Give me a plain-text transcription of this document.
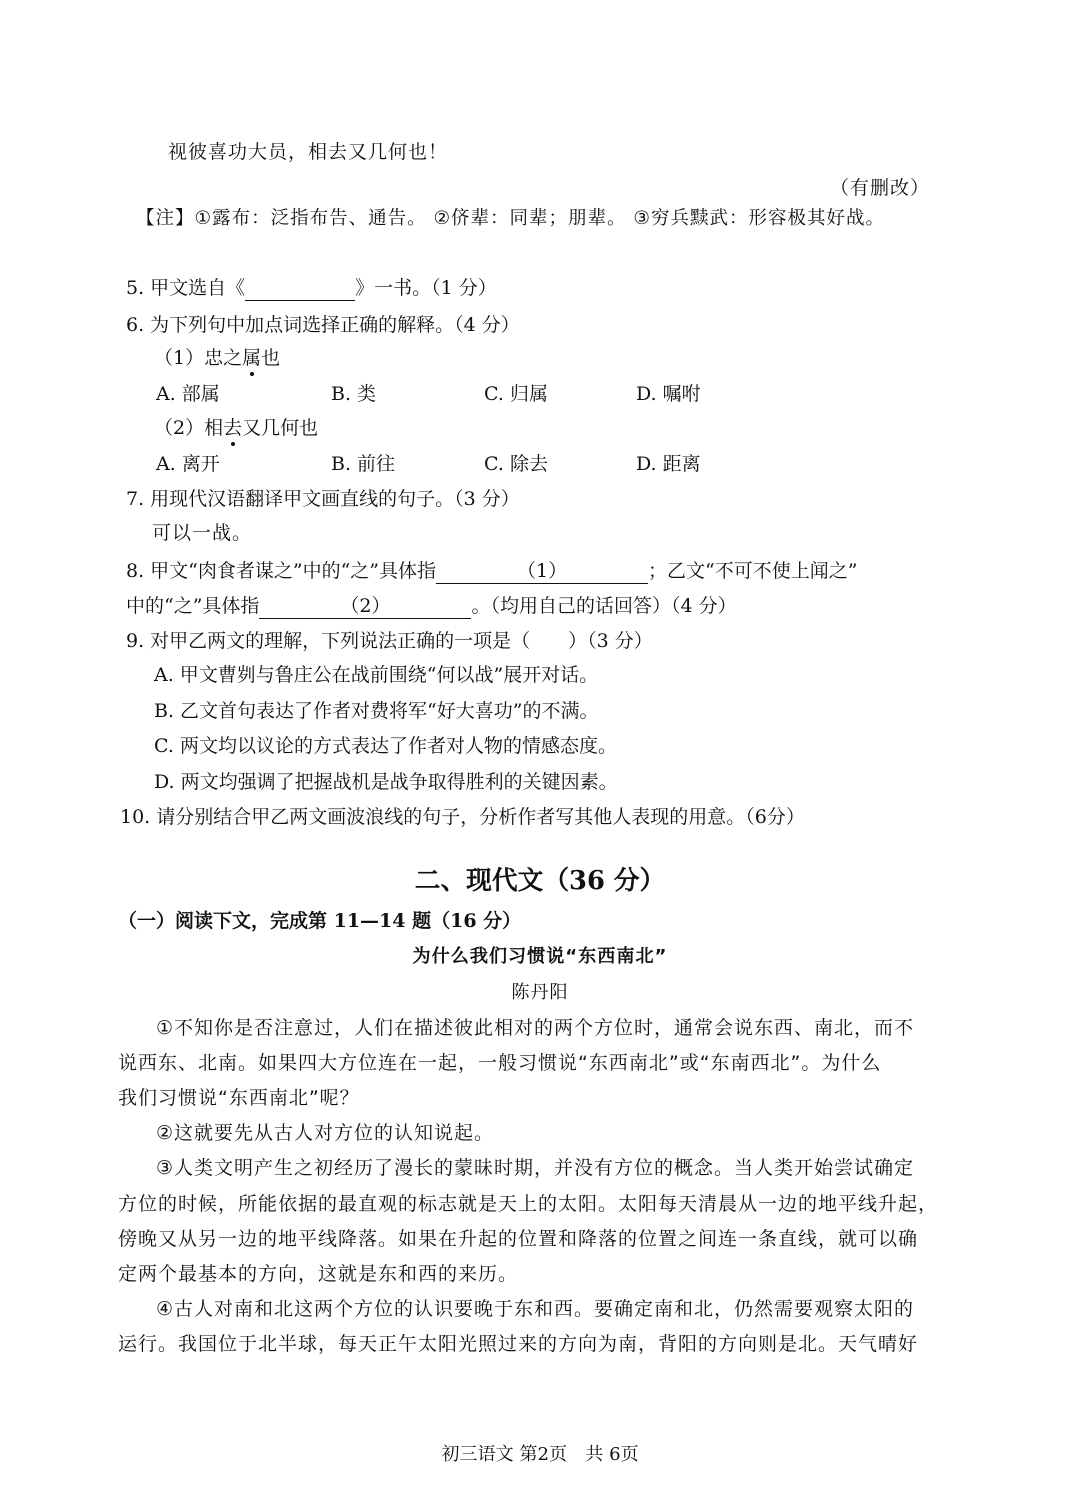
视彼喜功大员，相去又几何也！
（有删改）
【注】①露布：泛指布告、通告。 ②侪辈：同辈；朋辈。 ③穷兵黩武：形容极其好战。
5. 甲文选自《	》一书。（1 分）
6. 为下列句中加点词选择正确的解释。（4 分）
（1）忠之属也
A. 部属	B. 类	C. 归属	D. 嘱咐
（2）相去又几何也
A. 离开	B. 前往	C. 除去	D. 距离
7. 用现代汉语翻译甲文画直线的句子。（3 分）
可以一战。
8. 甲文“肉食者谋之”中的“之”具体指	（1）	；乙文“不可不使上闻之”
中的“之”具体指	（2）	。（均用自己的话回答）（4 分）
9. 对甲乙两文的理解，下列说法正确的一项是（　　）（3 分）
A. 甲文曹刿与鲁庄公在战前围绕“何以战”展开对话。
B. 乙文首句表达了作者对费将军“好大喜功”的不满。
C. 两文均以议论的方式表达了作者对人物的情感态度。
D. 两文均强调了把握战机是战争取得胜利的关键因素。
10. 请分别结合甲乙两文画波浪线的句子，分析作者写其他人表现的用意。（6分）
二、现代文（36 分）
（一）阅读下文，完成第 11—14 题（16 分）
为什么我们习惯说“东西南北”
陈丹阳
①不知你是否注意过，人们在描述彼此相对的两个方位时，通常会说东西、南北，而不
说西东、北南。如果四大方位连在一起，一般习惯说“东西南北”或“东南西北”。为什么
我们习惯说“东西南北”呢？
②这就要先从古人对方位的认知说起。
③人类文明产生之初经历了漫长的蒙昧时期，并没有方位的概念。当人类开始尝试确定
方位的时候，所能依据的最直观的标志就是天上的太阳。太阳每天清晨从一边的地平线升起，
傍晚又从另一边的地平线降落。如果在升起的位置和降落的位置之间连一条直线，就可以确
定两个最基本的方向，这就是东和西的来历。
④古人对南和北这两个方位的认识要晚于东和西。要确定南和北，仍然需要观察太阳的
运行。我国位于北半球，每天正午太阳光照过来的方向为南，背阳的方向则是北。天气晴好
初三语文 第2页　共 6页
